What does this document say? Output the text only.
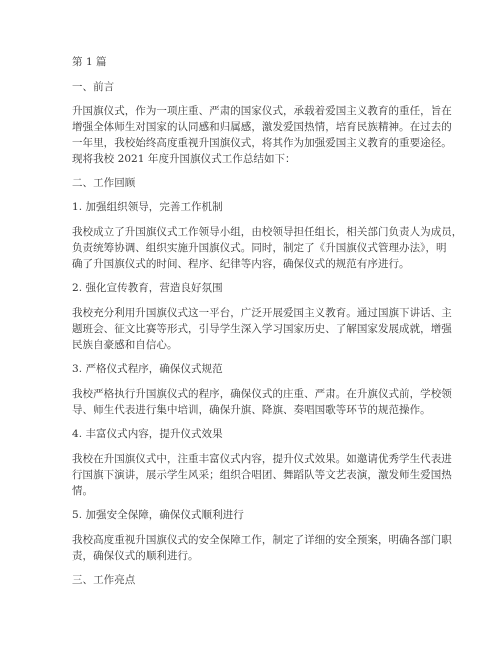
第 1 篇
一、前言
升国旗仪式，作为一项庄重、严肃的国家仪式，承载着爱国主义教育的重任，旨在
增强全体师生对国家的认同感和归属感，激发爱国热情，培育民族精神。在过去的
一年里，我校始终高度重视升国旗仪式，将其作为加强爱国主义教育的重要途径。
现将我校 2021 年度升国旗仪式工作总结如下：
二、工作回顾
1. 加强组织领导，完善工作机制
我校成立了升国旗仪式工作领导小组，由校领导担任组长，相关部门负责人为成员，
负责统筹协调、组织实施升国旗仪式。同时，制定了《升国旗仪式管理办法》，明
确了升国旗仪式的时间、程序、纪律等内容，确保仪式的规范有序进行。
2. 强化宣传教育，营造良好氛围
我校充分利用升国旗仪式这一平台，广泛开展爱国主义教育。通过国旗下讲话、主
题班会、征文比赛等形式，引导学生深入学习国家历史、了解国家发展成就，增强
民族自豪感和自信心。
3. 严格仪式程序，确保仪式规范
我校严格执行升国旗仪式的程序，确保仪式的庄重、严肃。在升旗仪式前，学校领
导、师生代表进行集中培训，确保升旗、降旗、奏唱国歌等环节的规范操作。
4. 丰富仪式内容，提升仪式效果
我校在升国旗仪式中，注重丰富仪式内容，提升仪式效果。如邀请优秀学生代表进
行国旗下演讲，展示学生风采；组织合唱团、舞蹈队等文艺表演，激发师生爱国热
情。
5. 加强安全保障，确保仪式顺利进行
我校高度重视升国旗仪式的安全保障工作，制定了详细的安全预案，明确各部门职
责，确保仪式的顺利进行。
三、工作亮点
